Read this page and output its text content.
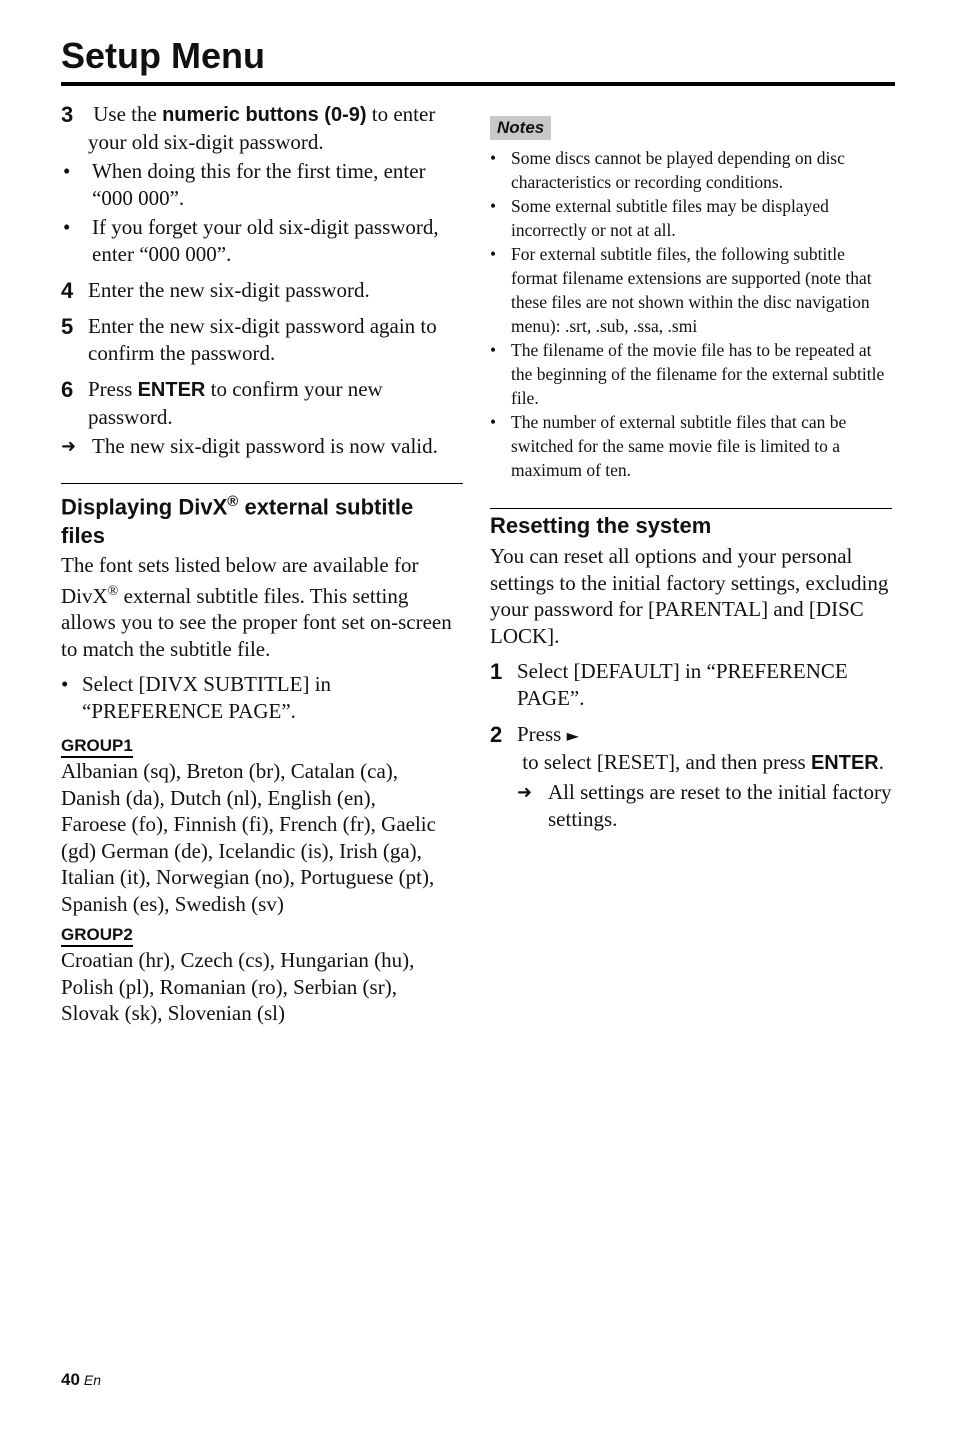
Setup Menu
3 Use the numeric buttons (0-9) to enter your old six-digit password.
• When doing this for the first time, enter “000 000”.
• If you forget your old six-digit password, enter “000 000”.
4 Enter the new six-digit password.
5 Enter the new six-digit password again to confirm the password.
6 Press ENTER to confirm your new password.
➜ The new six-digit password is now valid.
Displaying DivX® external subtitle files
The font sets listed below are available for DivX® external subtitle files. This setting allows you to see the proper font set on-screen to match the subtitle file.
• Select [DIVX SUBTITLE] in “PREFERENCE PAGE”.
GROUP1
Albanian (sq), Breton (br), Catalan (ca), Danish (da), Dutch (nl), English (en), Faroese (fo), Finnish (fi), French (fr), Gaelic (gd) German (de), Icelandic (is), Irish (ga), Italian (it), Norwegian (no), Portuguese (pt), Spanish (es), Swedish (sv)
GROUP2
Croatian (hr), Czech (cs), Hungarian (hu), Polish (pl), Romanian (ro), Serbian (sr), Slovak (sk), Slovenian (sl)
Notes
• Some discs cannot be played depending on disc characteristics or recording conditions.
• Some external subtitle files may be displayed incorrectly or not at all.
• For external subtitle files, the following subtitle format filename extensions are supported (note that these files are not shown within the disc navigation menu): .srt, .sub, .ssa, .smi
• The filename of the movie file has to be repeated at the beginning of the filename for the external subtitle file.
• The number of external subtitle files that can be switched for the same movie file is limited to a maximum of ten.
Resetting the system
You can reset all options and your personal settings to the initial factory settings, excluding your password for [PARENTAL] and [DISC LOCK].
1 Select [DEFAULT] in “PREFERENCE PAGE”.
2 Press ► to select [RESET], and then press ENTER.
➜ All settings are reset to the initial factory settings.
40 En
